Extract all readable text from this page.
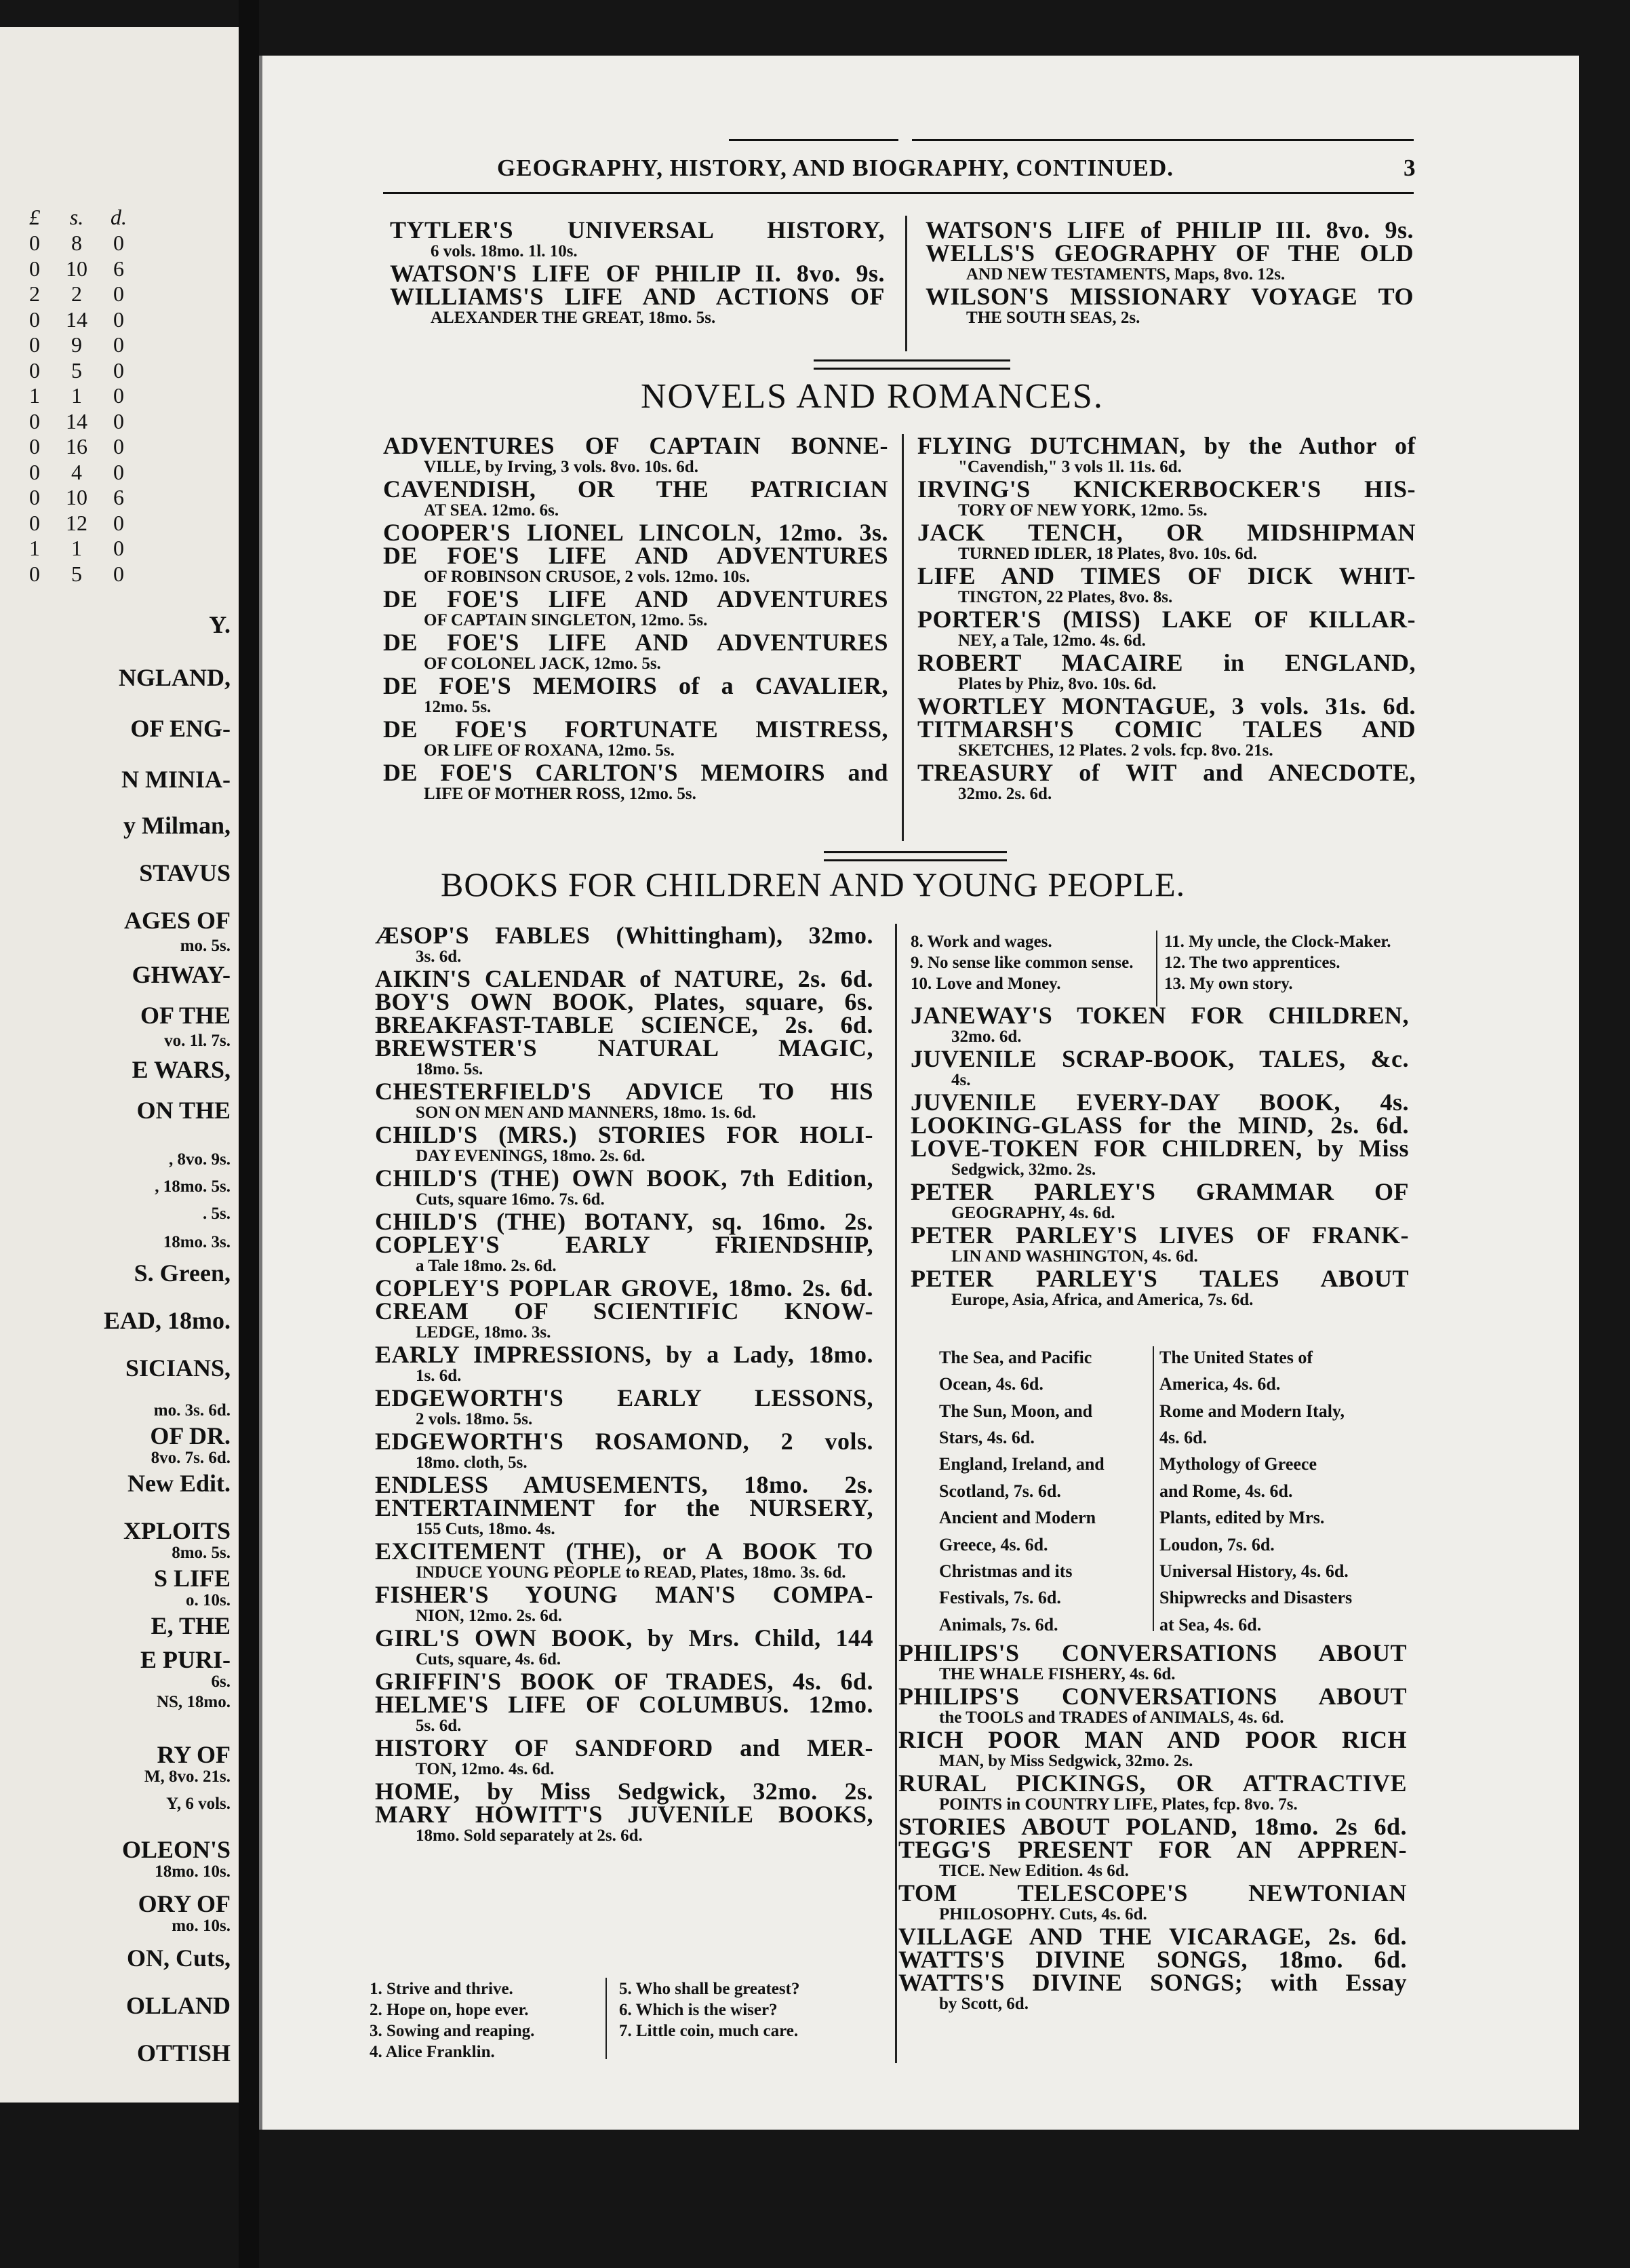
£ s. d.
0 8 0
0 10 6
2 2 0
0 14 0
0 9 0
0 5 0
1 1 0
0 14 0
0 16 0
0 4 0
0 10 6
0 12 0
1 1 0
0 5 0
Y.
NGLAND,
OF ENG-
N MINIA-
y Milman,
STAVUS
AGES OF
mo. 5s.
GHWAY-
OF THE
vo. 1l. 7s.
E WARS,
ON THE
, 8vo. 9s.
, 18mo. 5s.
. 5s.
18mo. 3s.
S. Green,
EAD, 18mo.
SICIANS,
mo. 3s. 6d.
OF DR.
8vo. 7s. 6d.
New Edit.
XPLOITS
8mo. 5s.
S LIFE
o. 10s.
E, THE
E PURI-
6s.
NS, 18mo.
RY OF
M, 8vo. 21s.
Y, 6 vols.
OLEON'S
18mo. 10s.
ORY OF
mo. 10s.
ON, Cuts,
OLLAND
OTTISH
GEOGRAPHY, HISTORY, AND BIOGRAPHY, CONTINUED.	3
TYTLER'S UNIVERSAL HISTORY,
6 vols. 18mo. 1l. 10s.
WATSON'S LIFE OF PHILIP II. 8vo. 9s.
WILLIAMS'S LIFE AND ACTIONS OF
ALEXANDER THE GREAT, 18mo. 5s.
WATSON'S LIFE of PHILIP III. 8vo. 9s.
WELLS'S GEOGRAPHY OF THE OLD
AND NEW TESTAMENTS, Maps, 8vo. 12s.
WILSON'S MISSIONARY VOYAGE TO
THE SOUTH SEAS, 2s.
NOVELS AND ROMANCES.
ADVENTURES OF CAPTAIN BONNE-
VILLE, by Irving, 3 vols. 8vo. 10s. 6d.
CAVENDISH, OR THE PATRICIAN
AT SEA. 12mo. 6s.
COOPER'S LIONEL LINCOLN, 12mo. 3s.
DE FOE'S LIFE AND ADVENTURES
OF ROBINSON CRUSOE, 2 vols. 12mo. 10s.
DE FOE'S LIFE AND ADVENTURES
OF CAPTAIN SINGLETON, 12mo. 5s.
DE FOE'S LIFE AND ADVENTURES
OF COLONEL JACK, 12mo. 5s.
DE FOE'S MEMOIRS of a CAVALIER,
12mo. 5s.
DE FOE'S FORTUNATE MISTRESS,
OR LIFE OF ROXANA, 12mo. 5s.
DE FOE'S CARLTON'S MEMOIRS and
LIFE OF MOTHER ROSS, 12mo. 5s.
FLYING DUTCHMAN, by the Author of
"Cavendish," 3 vols 1l. 11s. 6d.
IRVING'S KNICKERBOCKER'S HIS-
TORY OF NEW YORK, 12mo. 5s.
JACK TENCH, OR MIDSHIPMAN
TURNED IDLER, 18 Plates, 8vo. 10s. 6d.
LIFE AND TIMES OF DICK WHIT-
TINGTON, 22 Plates, 8vo. 8s.
PORTER'S (MISS) LAKE OF KILLAR-
NEY, a Tale, 12mo. 4s. 6d.
ROBERT MACAIRE in ENGLAND,
Plates by Phiz, 8vo. 10s. 6d.
WORTLEY MONTAGUE, 3 vols. 31s. 6d.
TITMARSH'S COMIC TALES AND
SKETCHES, 12 Plates. 2 vols. fcp. 8vo. 21s.
TREASURY of WIT and ANECDOTE,
32mo. 2s. 6d.
BOOKS FOR CHILDREN AND YOUNG PEOPLE.
ÆSOP'S FABLES (Whittingham), 32mo.
3s. 6d.
AIKIN'S CALENDAR of NATURE, 2s. 6d.
BOY'S OWN BOOK, Plates, square, 6s.
BREAKFAST-TABLE SCIENCE, 2s. 6d.
BREWSTER'S NATURAL MAGIC,
18mo. 5s.
CHESTERFIELD'S ADVICE TO HIS
SON ON MEN AND MANNERS, 18mo. 1s. 6d.
CHILD'S (MRS.) STORIES FOR HOLI-
DAY EVENINGS, 18mo. 2s. 6d.
CHILD'S (THE) OWN BOOK, 7th Edition,
Cuts, square 16mo. 7s. 6d.
CHILD'S (THE) BOTANY, sq. 16mo. 2s.
COPLEY'S EARLY FRIENDSHIP,
a Tale 18mo. 2s. 6d.
COPLEY'S POPLAR GROVE, 18mo. 2s. 6d.
CREAM OF SCIENTIFIC KNOW-
LEDGE, 18mo. 3s.
EARLY IMPRESSIONS, by a Lady, 18mo.
1s. 6d.
EDGEWORTH'S EARLY LESSONS,
2 vols. 18mo. 5s.
EDGEWORTH'S ROSAMOND, 2 vols.
18mo. cloth, 5s.
ENDLESS AMUSEMENTS, 18mo. 2s.
ENTERTAINMENT for the NURSERY,
155 Cuts, 18mo. 4s.
EXCITEMENT (THE), or A BOOK TO
INDUCE YOUNG PEOPLE to READ, Plates, 18mo. 3s. 6d.
FISHER'S YOUNG MAN'S COMPA-
NION, 12mo. 2s. 6d.
GIRL'S OWN BOOK, by Mrs. Child, 144
Cuts, square, 4s. 6d.
GRIFFIN'S BOOK OF TRADES, 4s. 6d.
HELME'S LIFE OF COLUMBUS. 12mo.
5s. 6d.
HISTORY OF SANDFORD and MER-
TON, 12mo. 4s. 6d.
HOME, by Miss Sedgwick, 32mo. 2s.
MARY HOWITT'S JUVENILE BOOKS,
18mo. Sold separately at 2s. 6d.
1. Strive and thrive.
2. Hope on, hope ever.
3. Sowing and reaping.
4. Alice Franklin.
5. Who shall be greatest?
6. Which is the wiser?
7. Little coin, much care.
8. Work and wages.
9. No sense like common sense.
10. Love and Money.
11. My uncle, the Clock-Maker.
12. The two apprentices.
13. My own story.
JANEWAY'S TOKEN FOR CHILDREN,
32mo. 6d.
JUVENILE SCRAP-BOOK, TALES, &c.
4s.
JUVENILE EVERY-DAY BOOK, 4s.
LOOKING-GLASS for the MIND, 2s. 6d.
LOVE-TOKEN FOR CHILDREN, by Miss
Sedgwick, 32mo. 2s.
PETER PARLEY'S GRAMMAR OF
GEOGRAPHY, 4s. 6d.
PETER PARLEY'S LIVES OF FRANK-
LIN AND WASHINGTON, 4s. 6d.
PETER PARLEY'S TALES ABOUT
Europe, Asia, Africa, and America, 7s. 6d.
The Sea, and Pacific
Ocean, 4s. 6d.
The Sun, Moon, and
Stars, 4s. 6d.
England, Ireland, and
Scotland, 7s. 6d.
Ancient and Modern
Greece, 4s. 6d.
Christmas and its
Festivals, 7s. 6d.
Animals, 7s. 6d.
The United States of
America, 4s. 6d.
Rome and Modern Italy,
4s. 6d.
Mythology of Greece
and Rome, 4s. 6d.
Plants, edited by Mrs.
Loudon, 7s. 6d.
Universal History, 4s. 6d.
Shipwrecks and Disasters
at Sea, 4s. 6d.
PHILIPS'S CONVERSATIONS ABOUT
THE WHALE FISHERY, 4s. 6d.
PHILIPS'S CONVERSATIONS ABOUT
the TOOLS and TRADES of ANIMALS, 4s. 6d.
RICH POOR MAN AND POOR RICH
MAN, by Miss Sedgwick, 32mo. 2s.
RURAL PICKINGS, OR ATTRACTIVE
POINTS in COUNTRY LIFE, Plates, fcp. 8vo. 7s.
STORIES ABOUT POLAND, 18mo. 2s 6d.
TEGG'S PRESENT FOR AN APPREN-
TICE. New Edition. 4s 6d.
TOM TELESCOPE'S NEWTONIAN
PHILOSOPHY. Cuts, 4s. 6d.
VILLAGE AND THE VICARAGE, 2s. 6d.
WATTS'S DIVINE SONGS, 18mo. 6d.
WATTS'S DIVINE SONGS; with Essay
by Scott, 6d.
